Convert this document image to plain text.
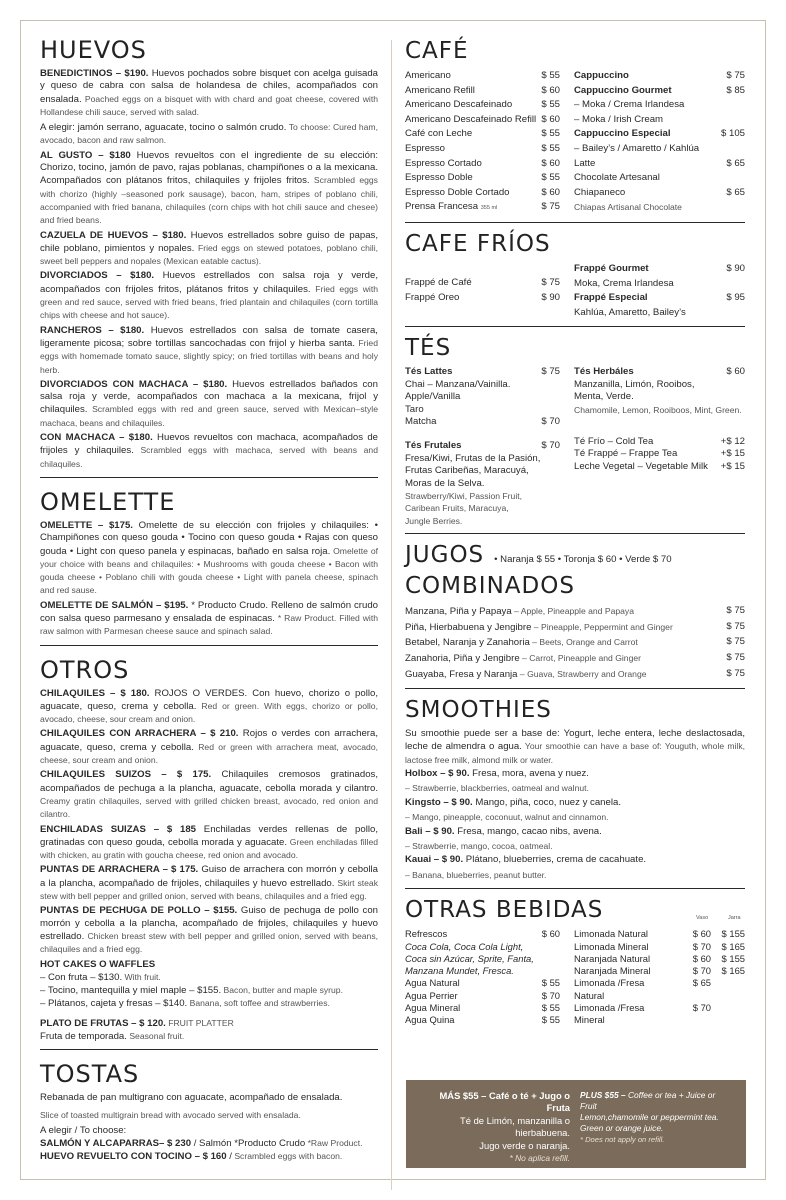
HUEVOS
BENEDICTINOS – $190. Huevos pochados sobre bisquet con acelga guisada y queso de cabra con salsa de holandesa de chiles, acompañados con ensalada. Poached eggs on a bisquet with with chard and goat cheese, covered with Hollandese chili sauce, served with salad.
A elegir: jamón serrano, aguacate, tocino o salmón crudo. To choose: Cured ham, avocado, bacon and raw salmon.
AL GUSTO – $180 Huevos revueltos con el ingrediente de su elección: Chorizo, tocino, jamón de pavo, rajas poblanas, champiñones o a la mexicana. Acompañados con plátanos fritos, chilaquiles y frijoles fritos. Scrambled eggs with chorizo (highly –seasoned pork sausage), bacon, ham, stripes of poblano chili, accompanied with fried banana, chilaquiles (corn chips with hot chili sauce and chesee) and fried beans.
CAZUELA DE HUEVOS – $180. Huevos estrellados sobre guiso de papas, chile poblano, pimientos y nopales. Fried eggs on stewed potatoes, poblano chili, sweet bell peppers and nopales (Mexican eatable cactus).
DIVORCIADOS – $180. Huevos estrellados con salsa roja y verde, acompañados con frijoles fritos, plátanos fritos y chilaquiles. Fried eggs with green and red sauce, served with fried beans, fried plantain and chilaquiles (corn tortilla chips with cheese and hot sauce).
RANCHEROS – $180. Huevos estrellados con salsa de tomate casera, ligeramente picosa; sobre tortillas sancochadas con frijol y hierba santa. Fried eggs with homemade tomato sauce, slightly spicy; on fried tortillas with beans and holy herb.
DIVORCIADOS CON MACHACA – $180. Huevos estrellados bañados con salsa roja y verde, acompañados con machaca a la mexicana, frijol y chilaquiles. Scrambled eggs with red and green sauce, served with Mexican–style machaca, beans and chilaquiles.
CON MACHACA – $180. Huevos revueltos con machaca, acompañados de frijoles y chilaquiles. Scrambled eggs with machaca, served with beans and chilaquiles.
OMELETTE
OMELETTE – $175. Omelette de su elección con frijoles y chilaquiles: • Champiñones con queso gouda • Tocino con queso gouda • Rajas con queso gouda • Light con queso panela y espinacas, bañado en salsa roja. Omelette of your choice with beans and chilaquiles: • Mushrooms with gouda cheese • Bacon with gouda cheese • Poblano chili with gouda cheese • Light with panela cheese, spinach and red sause.
OMELETTE DE SALMÓN – $195. * Producto Crudo. Relleno de salmón crudo con salsa queso parmesano y ensalada de espinacas. * Raw Product. Filled with raw salmon with Parmesan cheese sauce and spinach salad.
OTROS
CHILAQUILES – $ 180. ROJOS O VERDES. Con huevo, chorizo o pollo, aguacate, queso, crema y cebolla. Red or green. With eggs, chorizo or pollo, avocado, cheese, sour cream and onion.
CHILAQUILES CON ARRACHERA – $ 210. Rojos o verdes con arrachera, aguacate, queso, crema y cebolla. Red or green with arrachera meat, avocado, cheese, sour cream and onion.
CHILAQUILES SUIZOS – $ 175. Chilaquiles cremosos gratinados, acompañados de pechuga a la plancha, aguacate, cebolla morada y cilantro. Creamy gratin chilaquiles, served with grilled chicken breast, avocado, red onion and cilantro.
ENCHILADAS SUIZAS – $ 185 Enchiladas verdes rellenas de pollo, gratinadas con queso gouda, cebolla morada y aguacate. Green enchiladas filled with chicken, au gratin with goucha cheese, red onion and avocado.
PUNTAS DE ARRACHERA – $ 175. Guiso de arrachera con morrón y cebolla a la plancha, acompañado de frijoles, chilaquiles y huevo estrellado. Skirt steak stew with bell pepper and grilled onion, served with beans, chilaquiles and a fried egg.
PUNTAS DE PECHUGA DE POLLO – $155. Guiso de pechuga de pollo con morrón y cebolla a la plancha, acompañado de frijoles, chilaquiles y huevo estrellado. Chicken breast stew with bell pepper and grilled onion, served with beans, chilaquiles and a fried egg.
HOT CAKES O WAFFLES
– Con fruta – $130. With fruit.
– Tocino, mantequilla y miel maple – $155. Bacon, butter and maple syrup.
– Plátanos, cajeta y fresas – $140. Banana, soft toffee and strawberries.
PLATO DE FRUTAS – $ 120. FRUIT PLATTER
Fruta de temporada. Seasonal fruit.
TOSTAS
Rebanada de pan multigrano con aguacate, acompañado de ensalada.
Slice of toasted multigrain bread with avocado served with ensalada.
A elegir / To choose:
SALMÓN Y ALCAPARRAS– $ 230 / Salmón *Producto Crudo *Raw Product.
HUEVO REVUELTO CON TOCINO – $ 160 / Scrambled eggs with bacon.
CAFÉ
Americano	$ 55
Americano Refill	$ 60
Americano Descafeinado	$ 55
Americano Descafeinado Refill $ 60
Café con Leche	$ 55
Espresso	$ 55
Espresso Cortado	$ 60
Espresso Doble	$ 55
Espresso Doble Cortado	$ 60
Prensa Francesa 355 ml	$ 75
Cappuccino	$ 75
Cappuccino Gourmet	$ 85
– Moka / Crema Irlandesa
– Moka / Irish Cream
Cappuccino Especial	$ 105
– Bailey’s / Amaretto / Kahlúa
Latte	$ 65
Chocolate Artesanal
Chiapaneco	$ 65
Chiapas Artisanal Chocolate
CAFE FRÍOS
Frappé de Café	$ 75
Frappé Oreo	$ 90
Frappé Gourmet	$ 90
Moka, Crema Irlandesa
Frappé Especial	$ 95
Kahlúa, Amaretto, Bailey’s
TÉS
Tés Lattes	$ 75
Chai – Manzana/Vainilla.
Apple/Vanilla
Taro
Matcha	$ 70
Tés Frutales	$ 70
Fresa/Kiwi, Frutas de la Pasión,
Frutas Caribeñas, Maracuyá,
Moras de la Selva.
Strawberry/Kiwi, Passion Fruit,
Caribean Fruits, Maracuya,
Jungle Berries.
Tés Herbáles	$ 60
Manzanilla, Limón, Rooibos,
Menta, Verde.
Chamomile, Lemon, Rooiboos, Mint, Green.
Té Frío – Cold Tea	+$ 12
Té Frappé – Frappe Tea	+$ 15
Leche Vegetal – Vegetable Milk +$ 15
JUGOS • Naranja $ 55 • Toronja $ 60 • Verde $ 70
COMBINADOS
Manzana, Piña y Papaya – Apple, Pineapple and Papaya	$ 75
Piña, Hierbabuena y Jengibre – Pineapple, Peppermint and Ginger	$ 75
Betabel, Naranja y Zanahoria – Beets, Orange and Carrot	$ 75
Zanahoria, Piña y Jengibre – Carrot, Pineapple and Ginger	$ 75
Guayaba, Fresa y Naranja – Guava, Strawberry and Orange	$ 75
SMOOTHIES
Su smoothie puede ser a base de: Yogurt, leche entera, leche deslactosada, leche de almendra o agua. Your smoothie can have a base of: Youguth, whole milk, lactose free milk, almond milk or water.
Holbox – $ 90. Fresa, mora, avena y nuez.
– Strawberrie, blackberries, oatmeal and walnut.
Kingsto – $ 90. Mango, piña, coco, nuez y canela.
– Mango, pineapple, coconuut, walnut and cinnamon.
Bali – $ 90. Fresa, mango, cacao nibs, avena.
– Strawberrie, mango, cocoa, oatmeal.
Kauai – $ 90. Plátano, blueberries, crema de cacahuate.
– Banana, blueberries, peanut butter.
OTRAS BEBIDAS	Vaso	Jarra
Refrescos	$ 60
Coca Cola, Coca Cola Light,
Coca sin Azúcar, Sprite, Fanta,
Manzana Mundet, Fresca.
Agua Natural	$ 55
Agua Perrier	$ 70
Agua Mineral	$ 55
Agua Quina	$ 55
Limonada Natural	$ 60	$ 155
Limonada Mineral	$ 70	$ 165
Naranjada Natural	$ 60	$ 155
Naranjada Mineral	$ 70	$ 165
Limonada /Fresa Natural
$ 65
Limonada /Fresa Mineral
$ 70
MÁS $55 – Café o té + Jugo o Fruta
Té de Limón, manzanilla o hierbabuena.
Jugo verde o naranja.
* No aplica refill.
PLUS $55 – Coffee or tea + Juice or Fruit
Lemon,chamomile or peppermint tea.
Green or orange juice.
* Does not apply on refill.
